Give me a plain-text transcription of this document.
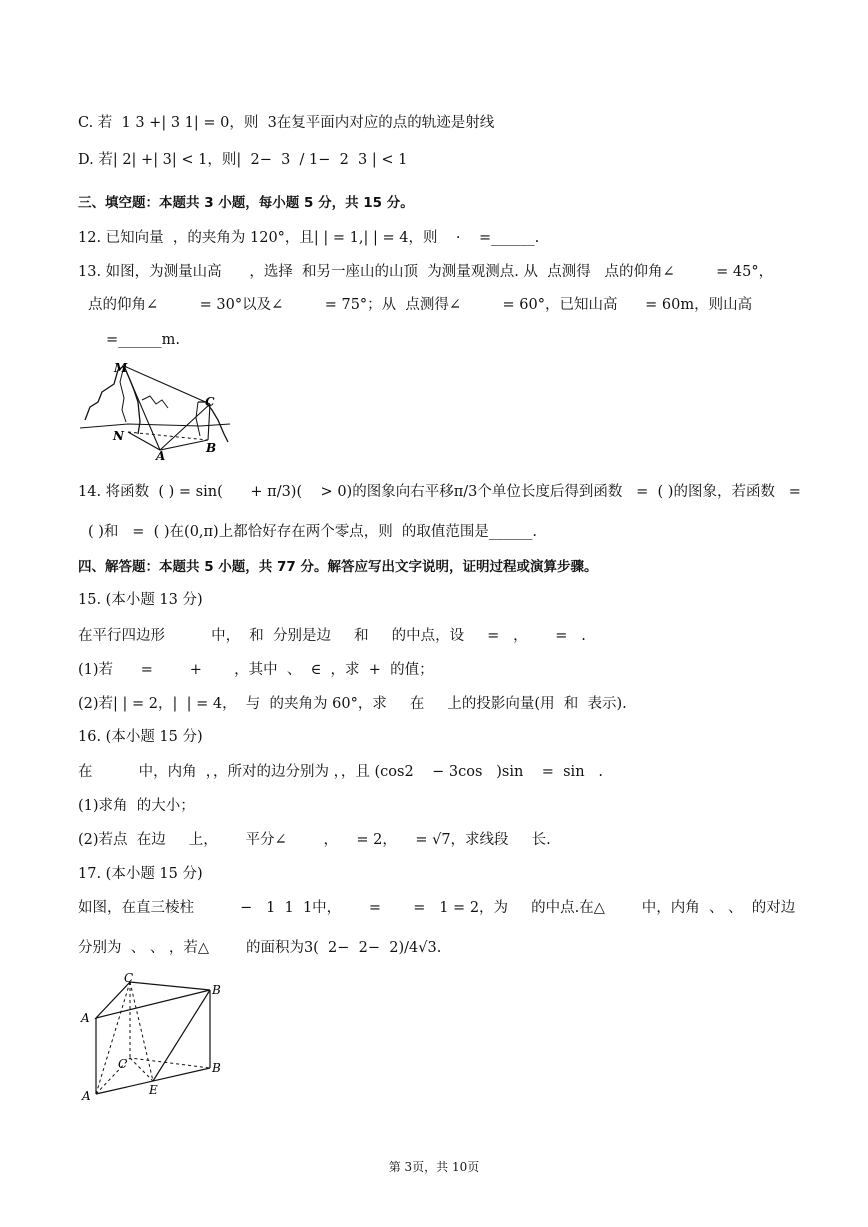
C. 若  1 3 +| 3 1| = 0，则  3在复平面内对应的点的轨迹是射线
D. 若| 2| +| 3| < 1，则|  2−  3  / 1−  2  3 | < 1
三、填空题：本题共 3 小题，每小题 5 分，共 15 分。
12. 已知向量  ，的夹角为 120°，且| | = 1,| | = 4，则    ·    =______.
13. 如图，为测量山高      ，选择  和另一座山的山顶  为测量观测点. 从  点测得   点的仰角∠         = 45°，
点的仰角∠         = 30°以及∠         = 75°；从  点测得∠         = 60°，已知山高      = 60m，则山高
=______m.
M
C
N
A
B
14. 将函数  ( ) = sin(      + π/3)(    > 0)的图象向右平移π/3个单位长度后得到函数   =  ( )的图象，若函数   =
( )和   =  ( )在(0,π)上都恰好存在两个零点，则  的取值范围是______.
四、解答题：本题共 5 小题，共 77 分。解答应写出文字说明，证明过程或演算步骤。
15. (本小题 13 分)
在平行四边形          中，  和  分别是边     和     的中点，设     =   ，      =   .
(1)若      =        +       ，其中  、  ∈  ，求  +  的值；
(2)若| | = 2，|  | = 4，  与  的夹角为 60°，求     在     上的投影向量(用  和  表示).
16. (本小题 15 分)
在          中，内角  ，，所对的边分别为 ，，且 (cos2    − 3cos   )sin    =  sin   .
(1)求角  的大小；
(2)若点  在边     上，      平分∠        ，    = 2，    = √7，求线段     长.
17. (本小题 15 分)
如图，在直三棱柱          −   1  1  1中，      =       =   1 = 2，为     的中点.在△        中，内角  、 、  的对边
分别为  、 、 ，若△        的面积为3(  2−  2−  2)/4√3.
C
B
A
C	B
A	E
第 3页，共 10页
